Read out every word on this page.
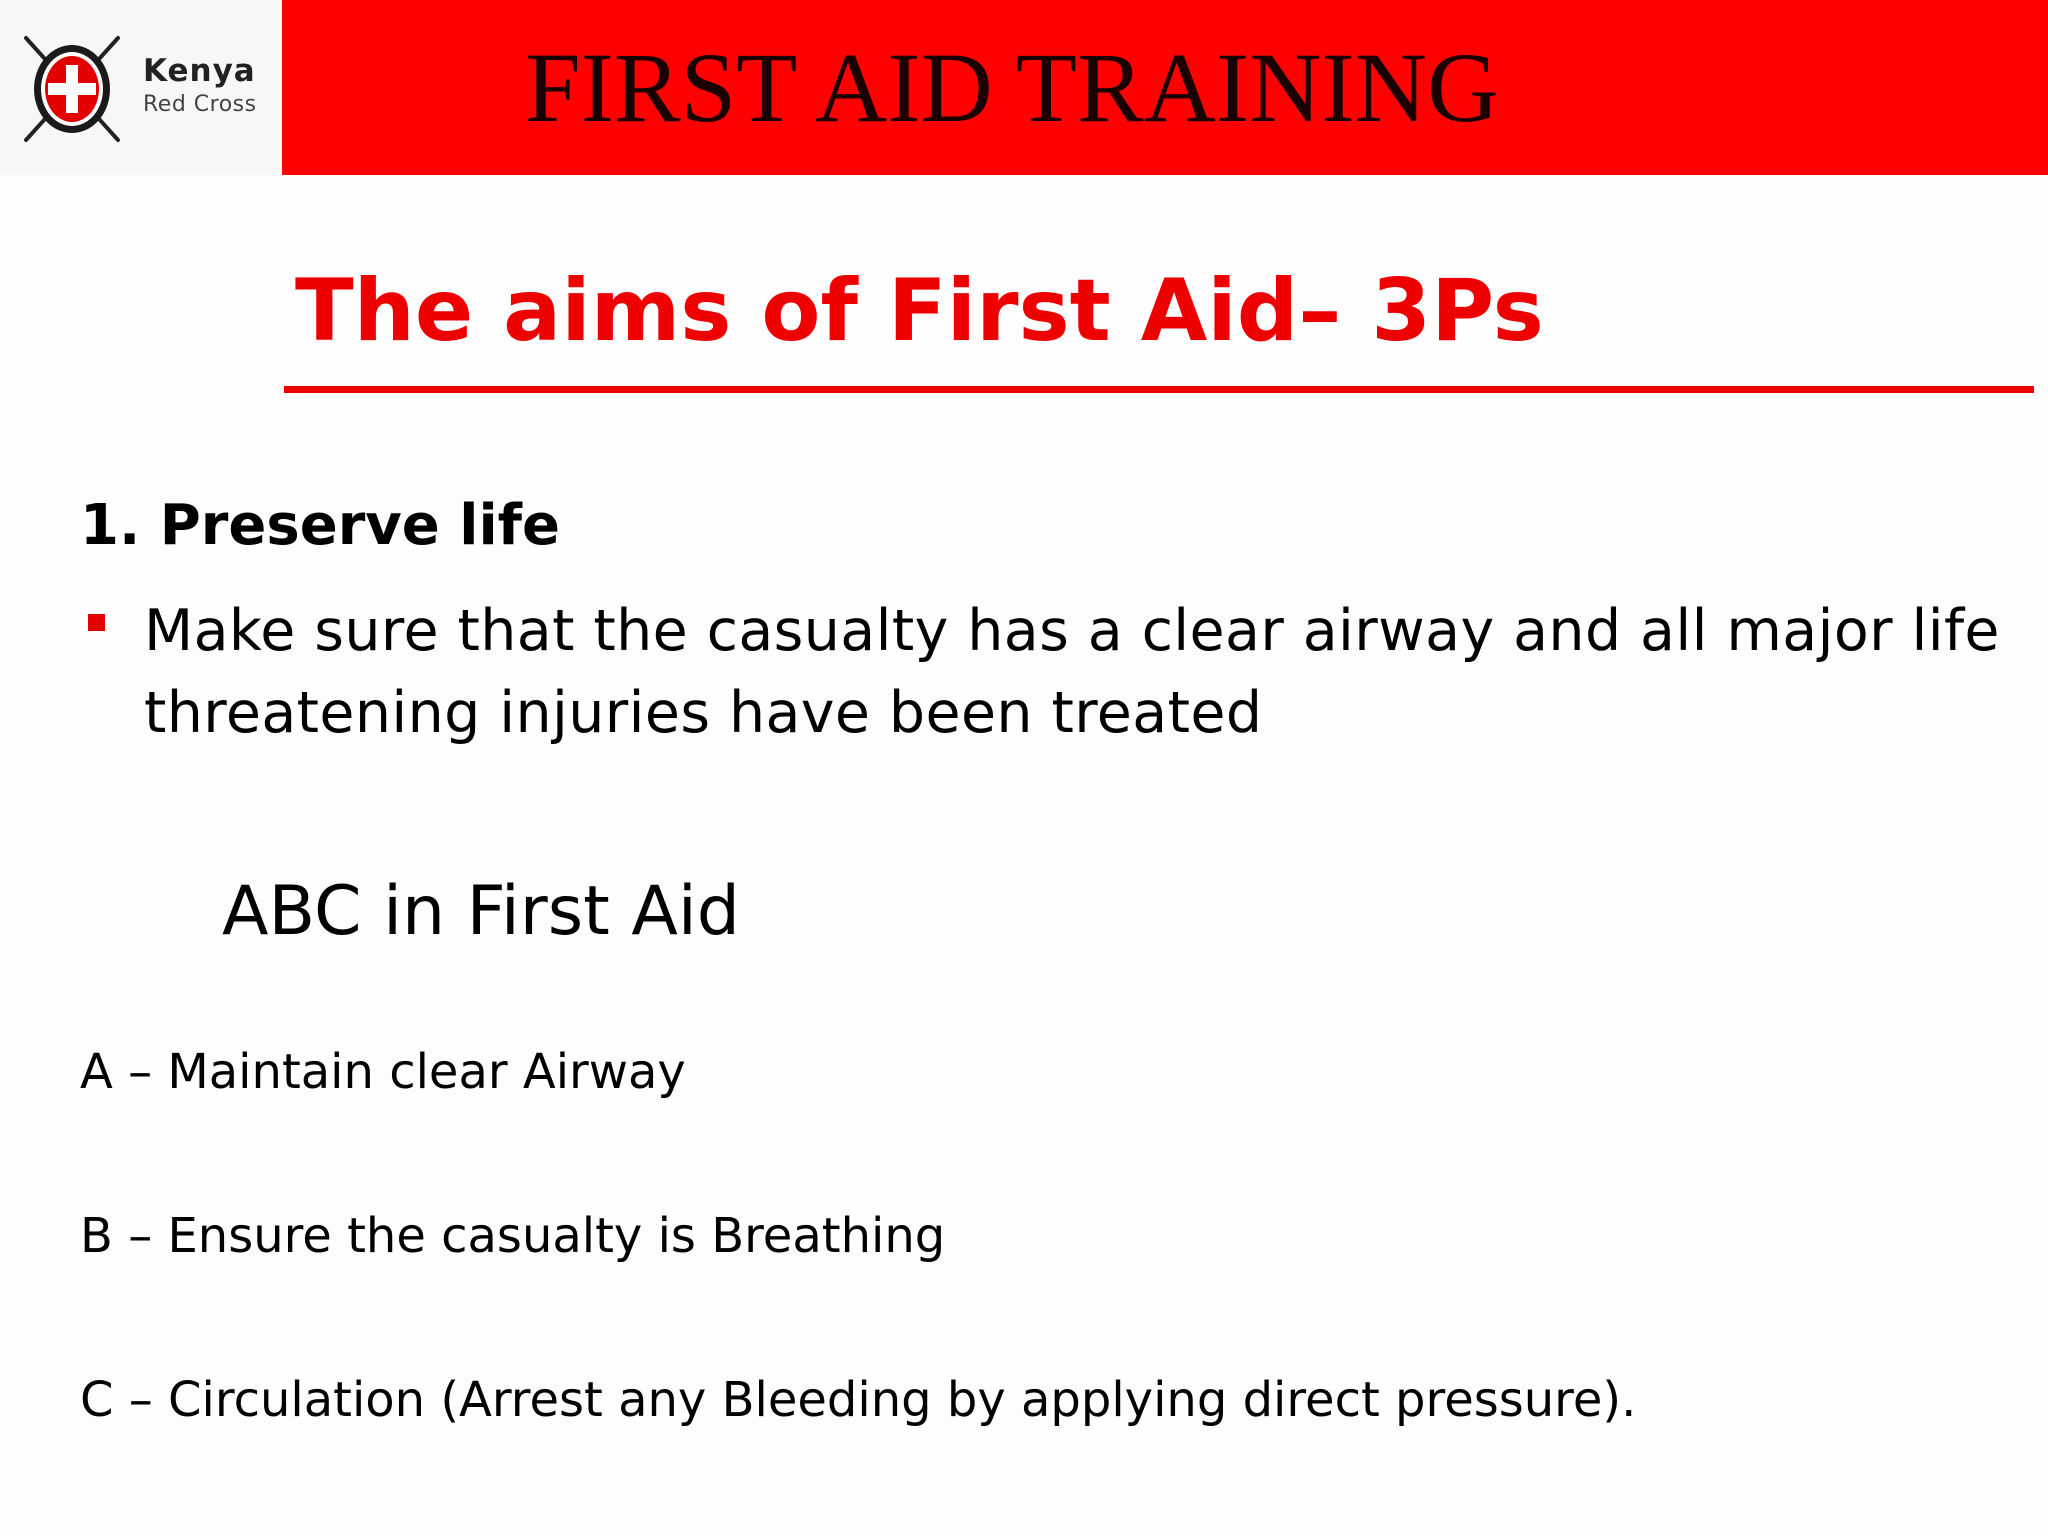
Kenya
Red Cross	FIRST AID TRAINING
The aims of First Aid– 3Ps
1. Preserve life
Make sure that the casualty has a clear airway and all major life threatening injuries have been treated
ABC in First Aid
A – Maintain clear Airway
B – Ensure the casualty is Breathing
C – Circulation (Arrest any Bleeding by applying direct pressure).
